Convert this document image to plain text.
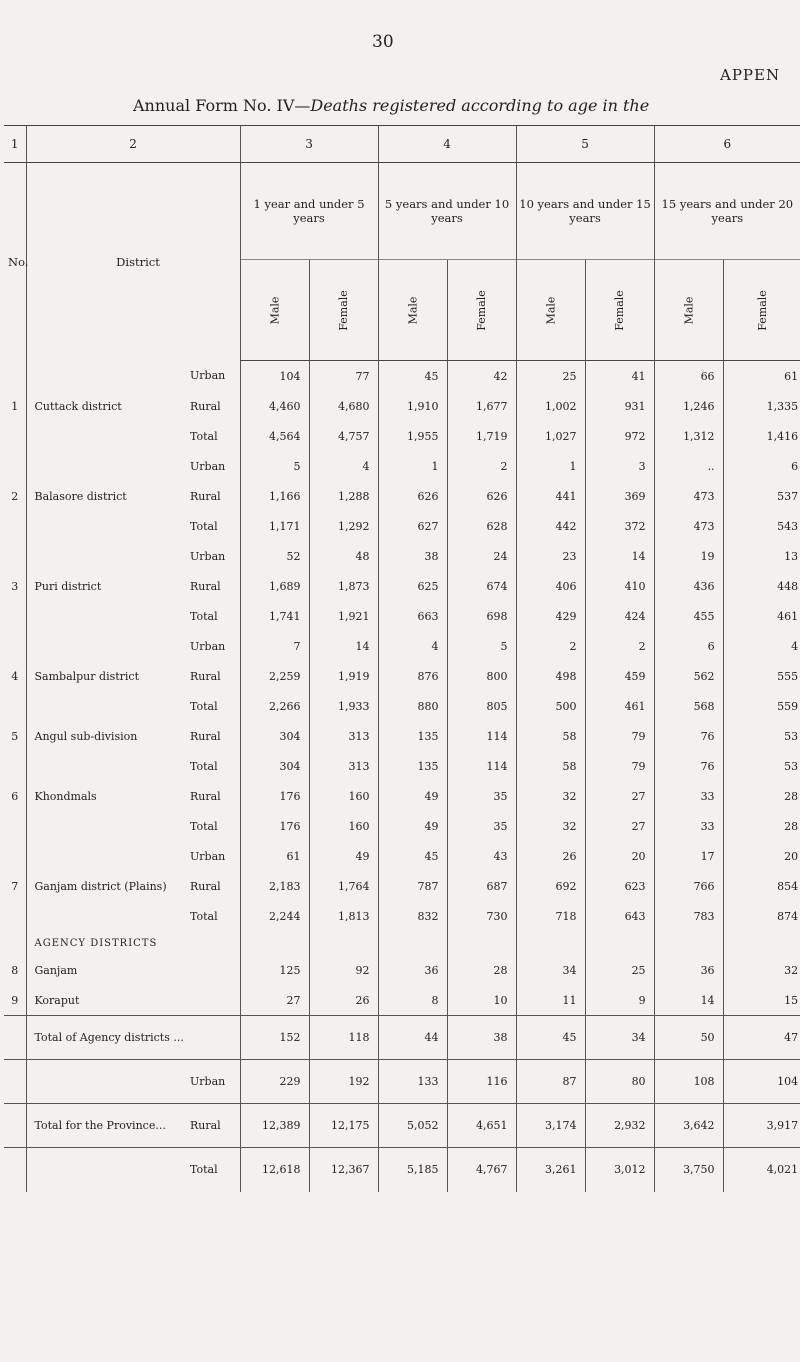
30
APPEN
Annual Form No. IV—Deaths registered according to age in the
1	2		3		4		5		6	
No.	District		1 year and under 5 years		5 years and under 10 years		10 years and under 15 years		15 years and under 20 years	
			Male	Female	Male	Female	Male	Female	Male	Female
		Urban	104	77	45	42	25	41	66	61
1	Cuttack district	Rural	4,460	4,680	1,910	1,677	1,002	931	1,246	1,335
		Total	4,564	4,757	1,955	1,719	1,027	972	1,312	1,416
		Urban	5	4	1	2	1	3	..	6
2	Balasore district	Rural	1,166	1,288	626	626	441	369	473	537
		Total	1,171	1,292	627	628	442	372	473	543
		Urban	52	48	38	24	23	14	19	13
3	Puri district	Rural	1,689	1,873	625	674	406	410	436	448
		Total	1,741	1,921	663	698	429	424	455	461
		Urban	7	14	4	5	2	2	6	4
4	Sambalpur district	Rural	2,259	1,919	876	800	498	459	562	555
		Total	2,266	1,933	880	805	500	461	568	559
5	Angul sub-division	Rural	304	313	135	114	58	79	76	53
		Total	304	313	135	114	58	79	76	53
6	Khondmals	Rural	176	160	49	35	32	27	33	28
		Total	176	160	49	35	32	27	33	28
		Urban	61	49	45	43	26	20	17	20
7	Ganjam district (Plains)	Rural	2,183	1,764	787	687	692	623	766	854
		Total	2,244	1,813	832	730	718	643	783	874
	AGENCY DISTRICTS									
8	Ganjam		125	92	36	28	34	25	36	32
9	Koraput		27	26	8	10	11	9	14	15
	Total of Agency districts ...		152	118	44	38	45	34	50	47
		Urban	229	192	133	116	87	80	108	104
	Total for the Province...	Rural	12,389	12,175	5,052	4,651	3,174	2,932	3,642	3,917
		Total	12,618	12,367	5,185	4,767	3,261	3,012	3,750	4,021
